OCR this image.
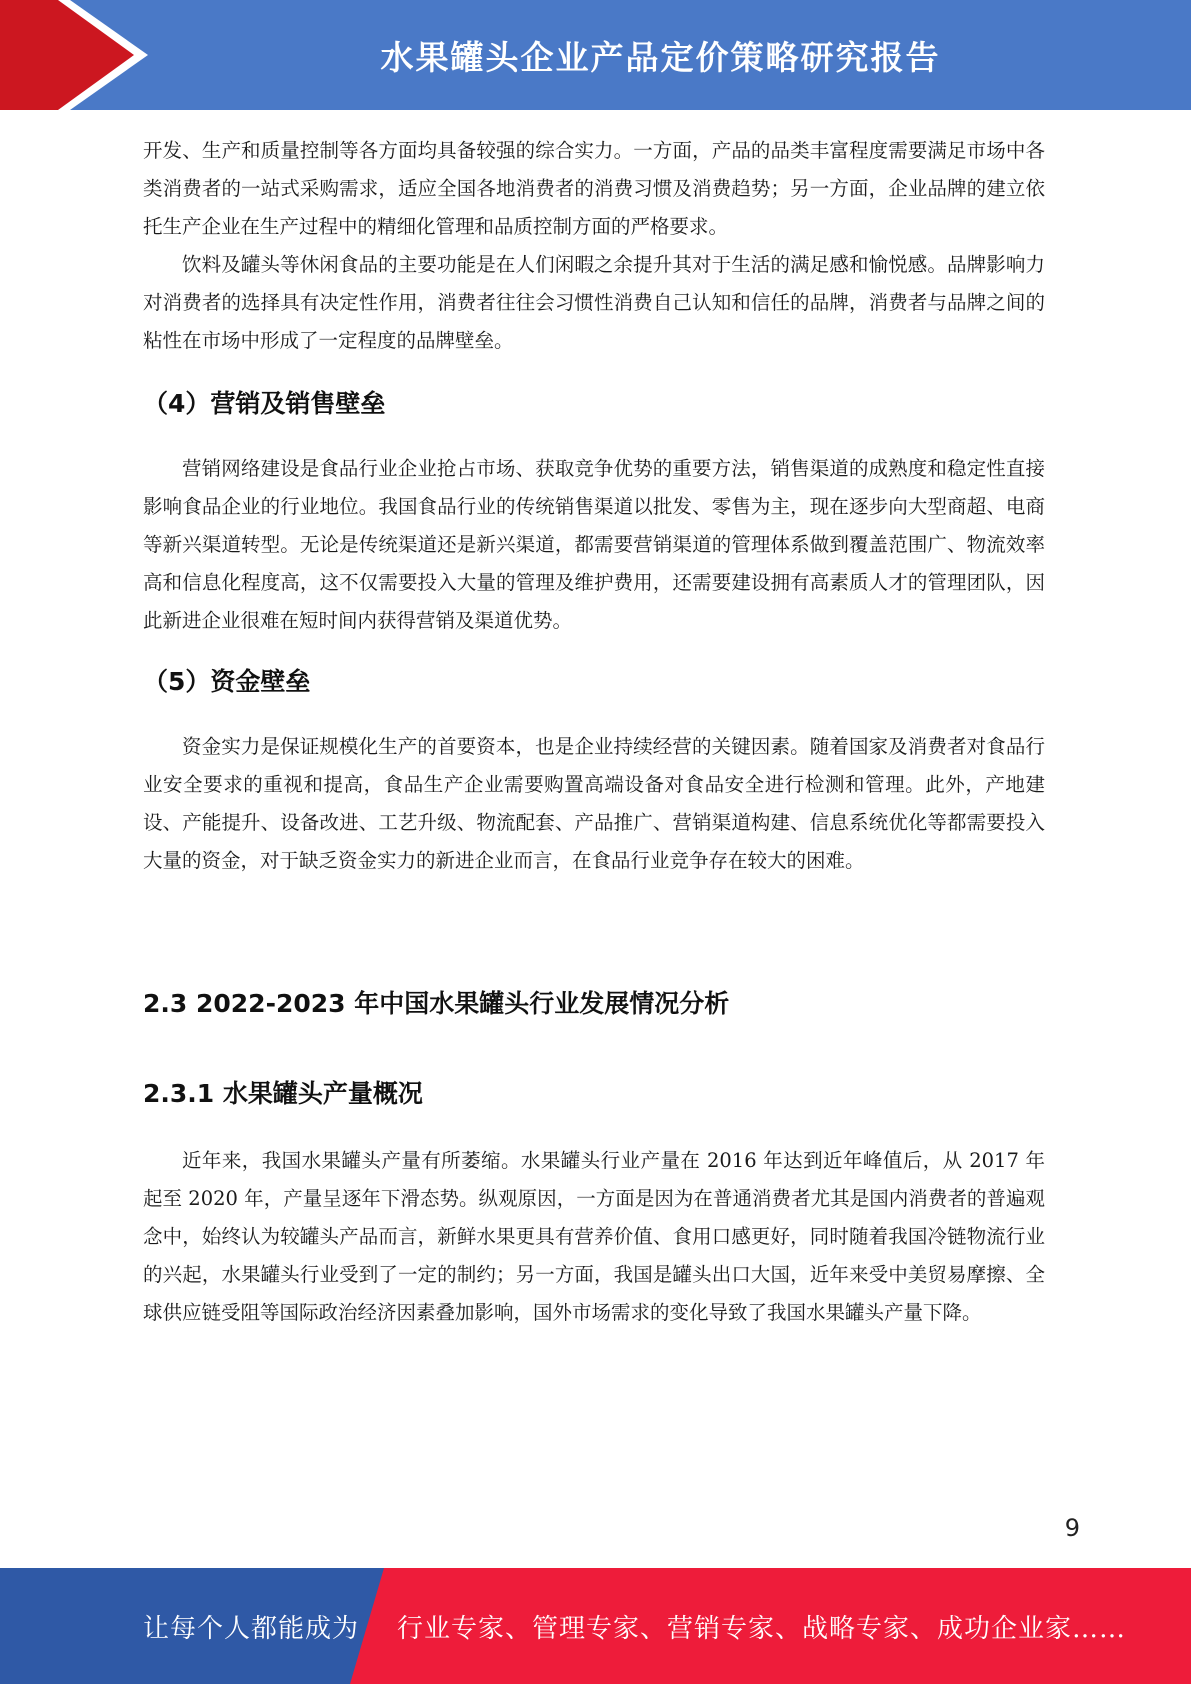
水果罐头企业产品定价策略研究报告

开发、生产和质量控制等各方面均具备较强的综合实力。一方面，产品的品类丰富程度需要满足市场中各类消费者的一站式采购需求，适应全国各地消费者的消费习惯及消费趋势；另一方面，企业品牌的建立依托生产企业在生产过程中的精细化管理和品质控制方面的严格要求。

饮料及罐头等休闲食品的主要功能是在人们闲暇之余提升其对于生活的满足感和愉悦感。品牌影响力对消费者的选择具有决定性作用，消费者往往会习惯性消费自己认知和信任的品牌，消费者与品牌之间的粘性在市场中形成了一定程度的品牌壁垒。

（4）营销及销售壁垒

营销网络建设是食品行业企业抢占市场、获取竞争优势的重要方法，销售渠道的成熟度和稳定性直接影响食品企业的行业地位。我国食品行业的传统销售渠道以批发、零售为主，现在逐步向大型商超、电商等新兴渠道转型。无论是传统渠道还是新兴渠道，都需要营销渠道的管理体系做到覆盖范围广、物流效率高和信息化程度高，这不仅需要投入大量的管理及维护费用，还需要建设拥有高素质人才的管理团队，因此新进企业很难在短时间内获得营销及渠道优势。

（5）资金壁垒

资金实力是保证规模化生产的首要资本，也是企业持续经营的关键因素。随着国家及消费者对食品行业安全要求的重视和提高，食品生产企业需要购置高端设备对食品安全进行检测和管理。此外，产地建设、产能提升、设备改进、工艺升级、物流配套、产品推广、营销渠道构建、信息系统优化等都需要投入大量的资金，对于缺乏资金实力的新进企业而言，在食品行业竞争存在较大的困难。

2.3 2022-2023 年中国水果罐头行业发展情况分析
2.3.1 水果罐头产量概况

近年来，我国水果罐头产量有所萎缩。水果罐头行业产量在 2016 年达到近年峰值后，从 2017 年起至 2020 年，产量呈逐年下滑态势。纵观原因，一方面是因为在普通消费者尤其是国内消费者的普遍观念中，始终认为较罐头产品而言，新鲜水果更具有营养价值、食用口感更好，同时随着我国冷链物流行业的兴起，水果罐头行业受到了一定的制约；另一方面，我国是罐头出口大国，近年来受中美贸易摩擦、全球供应链受阻等国际政治经济因素叠加影响，国外市场需求的变化导致了我国水果罐头产量下降。

9
让每个人都能成为 行业专家、管理专家、营销专家、战略专家、成功企业家……
